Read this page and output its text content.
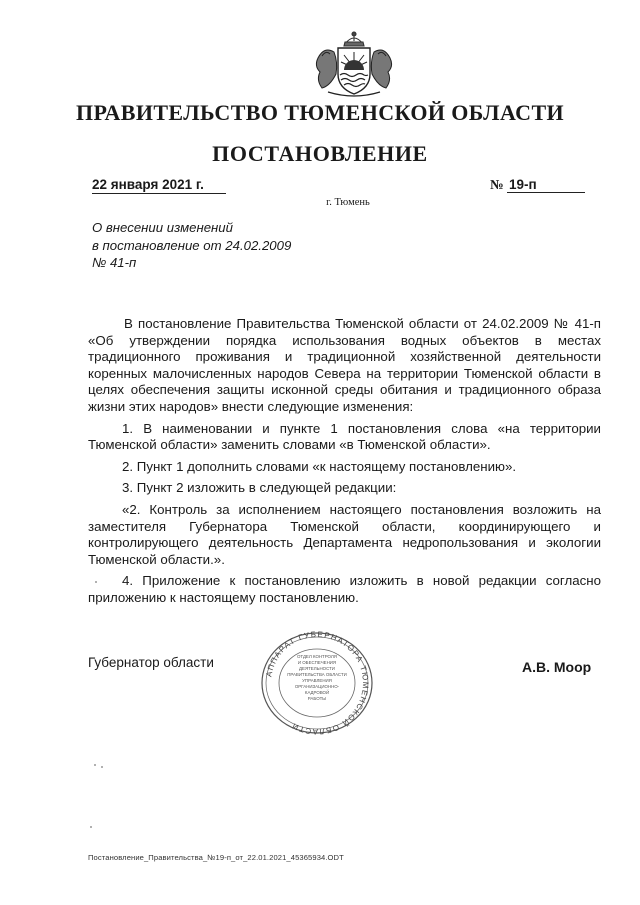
ПРАВИТЕЛЬСТВО ТЮМЕНСКОЙ ОБЛАСТИ
ПОСТАНОВЛЕНИЕ
22 января 2021 г.
г. Тюмень
№ 19-п
О внесении изменений
в постановление от 24.02.2009
№ 41-п

В постановление Правительства Тюменской области от 24.02.2009 № 41-п «Об утверждении порядка использования водных объектов в местах традиционного проживания и традиционной хозяйственной деятельности коренных малочисленных народов Севера на территории Тюменской области в целях обеспечения защиты исконной среды обитания и традиционного образа жизни этих народов» внести следующие изменения:

1. В наименовании и пункте 1 постановления слова «на территории Тюменской области» заменить словами «в Тюменской области».

2. Пункт 1 дополнить словами «к настоящему постановлению».

3. Пункт 2 изложить в следующей редакции:

«2. Контроль за исполнением настоящего постановления возложить на заместителя Губернатора Тюменской области, координирующего и контролирующего деятельность Департамента недропользования и экологии Тюменской области.».

4. Приложение к постановлению изложить в новой редакции согласно приложению к настоящему постановлению.

Губернатор области
АППАРАТ ГУБЕРНАТОРА ТЮМЕНСКОЙ ОБЛАСТИ
ОТДЕЛ КОНТРОЛЯ
И ОБЕСПЕЧЕНИЯ
ДЕЯТЕЛЬНОСТИ
ПРАВИТЕЛЬСТВА ОБЛАСТИ
УПРАВЛЕНИЯ
ОРГАНИЗАЦИОННО-
КАДРОВОЙ
РАБОТЫ
А.В. Моор
Постановление_Правительства_№19-п_от_22.01.2021_45365934.ODT
